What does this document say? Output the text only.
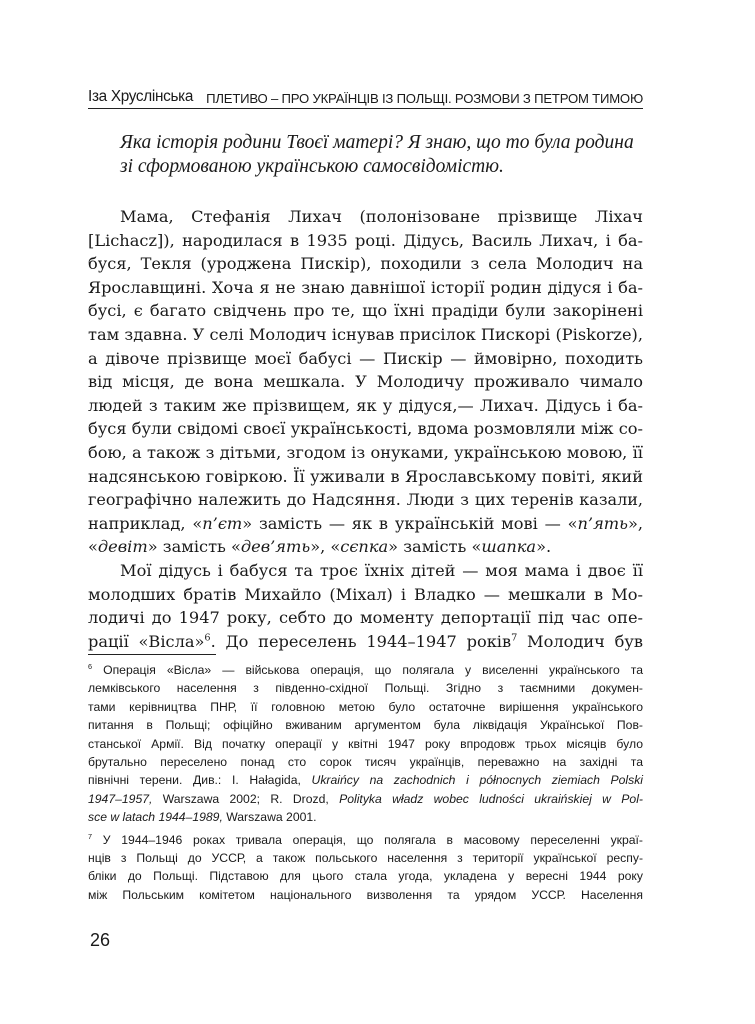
Іза Хруслінська ПЛЕТИВО – ПРО УКРАЇНЦІВ ІЗ ПОЛЬЩІ. РОЗМОВИ З ПЕТРОМ ТИМОЮ
Яка історія родини Твоєї матері? Я знаю, що то була родина
зі сформованою українською самосвідомістю.
Мама, Стефанія Лихач (полонізоване прізвище Ліхач
[Lichacz]), народилася в 1935 році. Дідусь, Василь Лихач, і ба-
буся, Текля (уроджена Пискір), походили з села Молодич на
Ярославщині. Хоча я не знаю давнішої історії родин дідуся і ба-
бусі, є багато свідчень про те, що їхні прадіди були закорінені
там здавна. У селі Молодич існував присілок Пискорі (Piskorze),
а дівоче прізвище моєї бабусі — Пискір — ймовірно, походить
від місця, де вона мешкала. У Молодичу проживало чимало
людей з таким же прізвищем, як у дідуся,— Лихач. Дідусь і ба-
буся були свідомі своєї українськості, вдома розмовляли між со-
бою, а також з дітьми, згодом із онуками, українською мовою, її
надсянською говіркою. Її уживали в Ярославському повіті, який
географічно належить до Надсяння. Люди з цих теренів казали,
наприклад, «п’єт» замість — як в українській мові — «п’ять»,
«девіт» замість «дев’ять», «сєпка» замість «шапка».
Мої дідусь і бабуся та троє їхніх дітей — моя мама і двоє її
молодших братів Михайло (Міхал) і Владко — мешкали в Мо-
лодичі до 1947 року, себто до моменту депортації під час опе-
рації «Вісла»$^6$. До переселень 1944–1947 років$^7$ Молодич був
$^6$ Операція «Вісла» — військова операція, що полягала у виселенні українського та
лемківського населення з південно-східної Польщі. Згідно з таємними докумен-
тами керівництва ПНР, її головною метою було остаточне вирішення українського
питання в Польщі; офіційно вживаним аргументом була ліквідація Української Пов-
станської Армії. Від початку операції у квітні 1947 року впродовж трьох місяців було
брутально переселено понад сто сорок тисяч українців, переважно на західні та
північні терени. Див.: I. Hałagida, Ukraińcy na zachodnich i północnych ziemiach Polski
1947–1957, Warszawa 2002; R. Drozd, Polityka władz wobec ludności ukraińskiej w Pol-
sce w latach 1944–1989, Warszawa 2001.
$^7$ У 1944–1946 роках тривала операція, що полягала в масовому переселенні украї-
нців з Польщі до УССР, а також польського населення з території української респу-
бліки до Польщі. Підставою для цього стала угода, укладена у вересні 1944 року
між Польським комітетом національного визволення та урядом УССР. Населення
26
